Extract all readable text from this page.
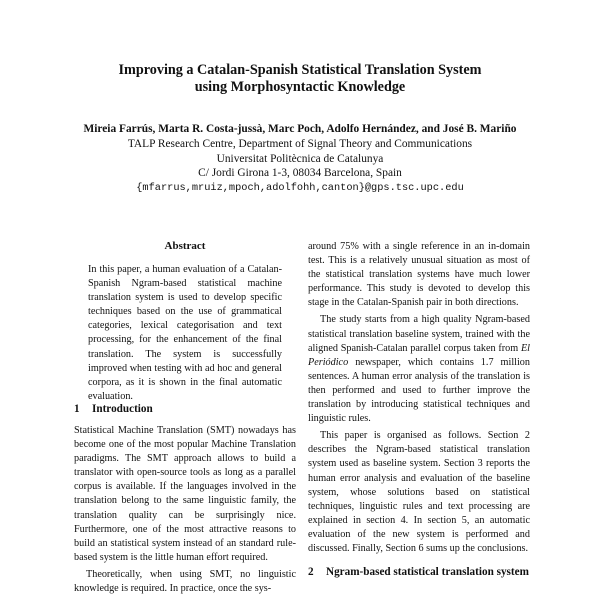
Improving a Catalan-Spanish Statistical Translation System
using Morphosyntactic Knowledge
Mireia Farrús, Marta R. Costa-jussà, Marc Poch, Adolfo Hernández, and José B. Mariño
TALP Research Centre, Department of Signal Theory and Communications
Universitat Politècnica de Catalunya
C/ Jordi Girona 1-3, 08034 Barcelona, Spain
{mfarrus,mruiz,mpoch,adolfohh,canton}@gps.tsc.upc.edu
Abstract
In this paper, a human evaluation of a Catalan-Spanish Ngram-based statistical machine translation system is used to develop specific techniques based on the use of grammatical categories, lexical categorisation and text processing, for the enhancement of the final translation. The system is successfully improved when testing with ad hoc and general corpora, as it is shown in the final automatic evaluation.
1 Introduction

Statistical Machine Translation (SMT) nowadays has become one of the most popular Machine Translation paradigms. The SMT approach allows to build a translator with open-source tools as long as a parallel corpus is available. If the languages involved in the translation belong to the same linguistic family, the translation quality can be surprisingly nice. Furthermore, one of the most attractive reasons to build an statistical system instead of an standard rule-based system is the little human effort required.

Theoretically, when using SMT, no linguistic knowledge is required. In practice, once the sys-

around 75% with a single reference in an in-domain test. This is a relatively unusual situation as most of the statistical translation systems have much lower performance. This study is devoted to develop this stage in the Catalan-Spanish pair in both directions.

The study starts from a high quality Ngram-based statistical translation baseline system, trained with the aligned Spanish-Catalan parallel corpus taken from El Periódico newspaper, which contains 1.7 million sentences. A human error analysis of the translation is then performed and used to further improve the translation by introducing statistical techniques and linguistic rules.

This paper is organised as follows. Section 2 describes the Ngram-based statistical translation system used as baseline system. Section 3 reports the human error analysis and evaluation of the baseline system, whose solutions based on statistical techniques, linguistic rules and text processing are explained in section 4. In section 5, an automatic evaluation of the new system is performed and discussed. Finally, Section 6 sums up the conclusions.

2	Ngram-based statistical translation system
